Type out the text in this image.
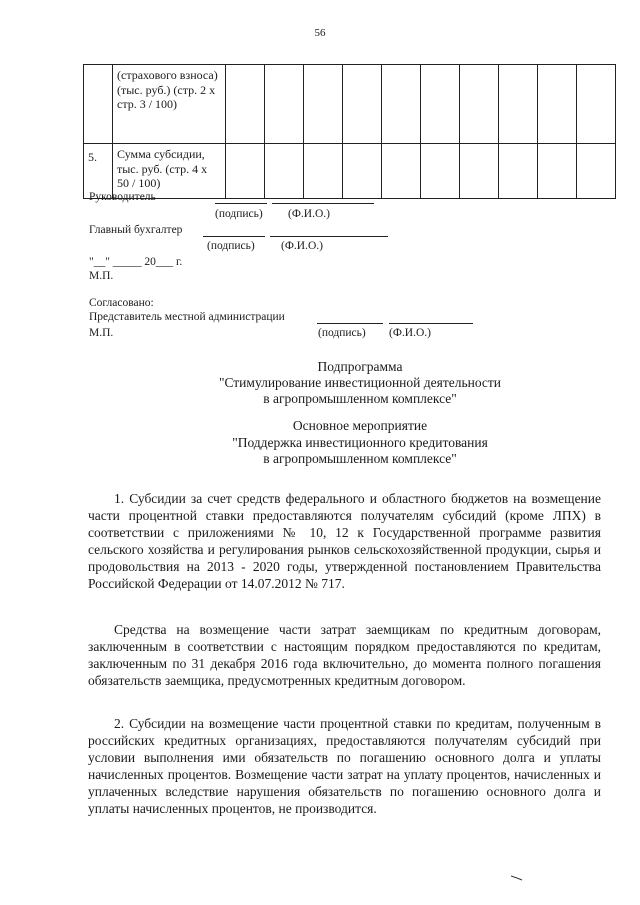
56
	(страхового взноса) (тыс. руб.) (стр. 2 х стр. 3 / 100)										
5.	Сумма субсидии, тыс. руб. (стр. 4 х 50 / 100)										
Руководитель
(подпись) (Ф.И.О.)
Главный бухгалтер
(подпись) (Ф.И.О.)
"__" _____ 20___ г.
М.П.
Согласовано:
Представитель местной администрации
М.П.	(подпись) (Ф.И.О.)
Подпрограмма
"Стимулирование инвестиционной деятельности
в агропромышленном комплексе"
Основное мероприятие
"Поддержка инвестиционного кредитования
в агропромышленном комплексе"

1. Субсидии за счет средств федерального и областного бюджетов на возмещение части процентной ставки предоставляются получателям субсидий (кроме ЛПХ) в соответствии с приложениями № 10, 12 к Государственной программе развития сельского хозяйства и регулирования рынков сельскохозяйственной продукции, сырья и продовольствия на 2013 - 2020 годы, утвержденной постановлением Правительства Российской Федерации от 14.07.2012 № 717.

Средства на возмещение части затрат заемщикам по кредитным договорам, заключенным в соответствии с настоящим порядком предоставляются по кредитам, заключенным по 31 декабря 2016 года включительно, до момента полного погашения обязательств заемщика, предусмотренных кредитным договором.

2. Субсидии на возмещение части процентной ставки по кредитам, полученным в российских кредитных организациях, предоставляются получателям субсидий при условии выполнения ими обязательств по погашению основного долга и уплаты начисленных процентов. Возмещение части затрат на уплату процентов, начисленных и уплаченных вследствие нарушения обязательств по погашению основного долга и уплаты начисленных процентов, не производится.
